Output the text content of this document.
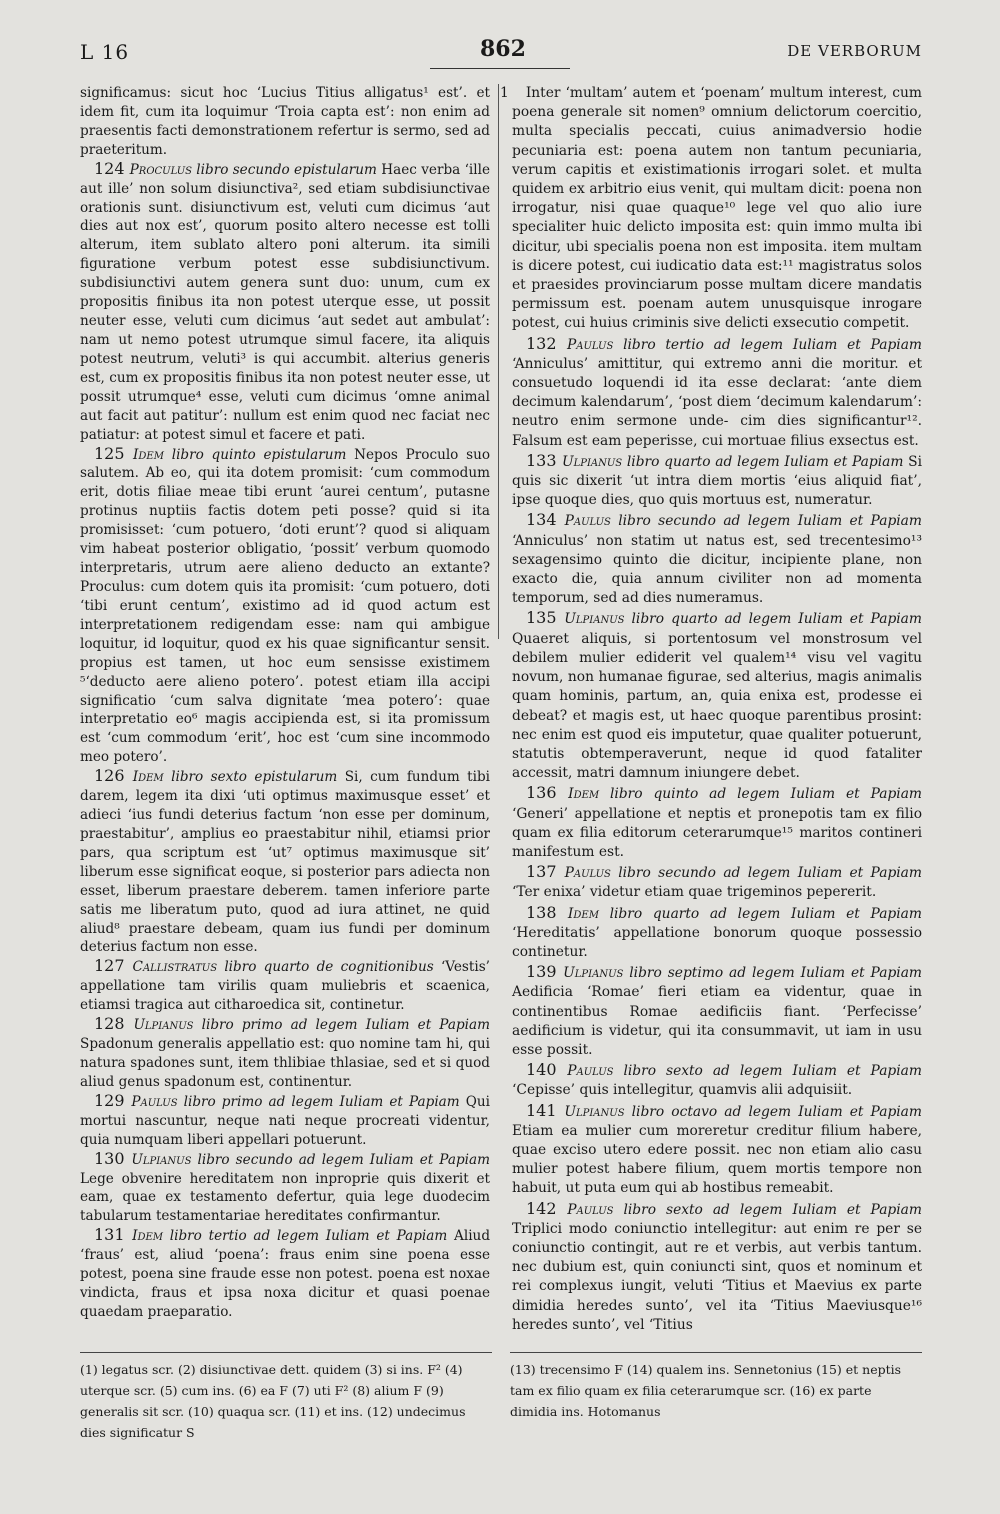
L 16	862	DE VERBORUM

significamus: sicut hoc ‘Lucius Titius alligatus¹ est’. et idem fit, cum ita loquimur ‘Troia capta est’: non enim ad praesentis facti demonstrationem refertur is sermo, sed ad praeteritum.

124 Proculus libro secundo epistularum Haec verba ‘ille aut ille’ non solum disiunctiva², sed etiam subdisiunctivae orationis sunt. disiunctivum est, veluti cum dicimus ‘aut dies aut nox est’, quorum posito altero necesse est tolli alterum, item sublato altero poni alterum. ita simili figuratione verbum potest esse subdisiunctivum. subdisiunctivi autem genera sunt duo: unum, cum ex propositis finibus ita non potest uterque esse, ut possit neuter esse, veluti cum dicimus ‘aut sedet aut ambulat’: nam ut nemo potest utrumque simul facere, ita aliquis potest neutrum, veluti³ is qui accumbit. alterius generis est, cum ex propositis finibus ita non potest neuter esse, ut possit utrumque⁴ esse, veluti cum dicimus ‘omne animal aut facit aut patitur’: nullum est enim quod nec faciat nec patiatur: at potest simul et facere et pati.

125 Idem libro quinto epistularum Nepos Proculo suo salutem. Ab eo, qui ita dotem promisit: ‘cum commodum erit, dotis filiae meae tibi erunt ‘aurei centum’, putasne protinus nuptiis factis dotem peti posse? quid si ita promisisset: ‘cum potuero, ‘doti erunt’? quod si aliquam vim habeat posterior obligatio, ‘possit’ verbum quomodo interpretaris, utrum aere alieno deducto an extante? Proculus: cum dotem quis ita promisit: ‘cum potuero, doti ‘tibi erunt centum’, existimo ad id quod actum est interpretationem redigendam esse: nam qui ambigue loquitur, id loquitur, quod ex his quae significantur sensit. propius est tamen, ut hoc eum sensisse existimem ⁵‘deducto aere alieno potero’. potest etiam illa accipi significatio ‘cum salva dignitate ‘mea potero’: quae interpretatio eo⁶ magis accipienda est, si ita promissum est ‘cum commodum ‘erit’, hoc est ‘cum sine incommodo meo potero’.

126 Idem libro sexto epistularum Si, cum fundum tibi darem, legem ita dixi ‘uti optimus maximusque esset’ et adieci ‘ius fundi deterius factum ‘non esse per dominum, praestabitur’, amplius eo praestabitur nihil, etiamsi prior pars, qua scriptum est ‘ut⁷ optimus maximusque sit’ liberum esse significat eoque, si posterior pars adiecta non esset, liberum praestare deberem. tamen inferiore parte satis me liberatum puto, quod ad iura attinet, ne quid aliud⁸ praestare debeam, quam ius fundi per dominum deterius factum non esse.

127 Callistratus libro quarto de cognitionibus ‘Vestis’ appellatione tam virilis quam muliebris et scaenica, etiamsi tragica aut citharoedica sit, continetur.

128 Ulpianus libro primo ad legem Iuliam et Papiam Spadonum generalis appellatio est: quo nomine tam hi, qui natura spadones sunt, item thlibiae thlasiae, sed et si quod aliud genus spadonum est, continentur.

129 Paulus libro primo ad legem Iuliam et Papiam Qui mortui nascuntur, neque nati neque procreati videntur, quia numquam liberi appellari potuerunt.

130 Ulpianus libro secundo ad legem Iuliam et Papiam Lege obvenire hereditatem non inproprie quis dixerit et eam, quae ex testamento defertur, quia lege duodecim tabularum testamentariae hereditates confirmantur.

131 Idem libro tertio ad legem Iuliam et Papiam Aliud ‘fraus’ est, aliud ‘poena’: fraus enim sine poena esse potest, poena sine fraude esse non potest. poena est noxae vindicta, fraus et ipsa noxa dicitur et quasi poenae quaedam praeparatio.

1 Inter ‘multam’ autem et ‘poenam’ multum interest, cum poena generale sit nomen⁹ omnium delictorum coercitio, multa specialis peccati, cuius animadversio hodie pecuniaria est: poena autem non tantum pecuniaria, verum capitis et existimationis irrogari solet. et multa quidem ex arbitrio eius venit, qui multam dicit: poena non irrogatur, nisi quae quaque¹⁰ lege vel quo alio iure specialiter huic delicto imposita est: quin immo multa ibi dicitur, ubi specialis poena non est imposita. item multam is dicere potest, cui iudicatio data est:¹¹ magistratus solos et praesides provinciarum posse multam dicere mandatis permissum est. poenam autem unusquisque inrogare potest, cui huius criminis sive delicti exsecutio competit.

132 Paulus libro tertio ad legem Iuliam et Papiam ‘Anniculus’ amittitur, qui extremo anni die moritur. et consuetudo loquendi id ita esse declarat: ‘ante diem decimum kalendarum’, ‘post diem ‘decimum kalendarum’: neutro enim sermone unde- cim dies significantur¹². Falsum est eam peperisse, cui mortuae filius exsectus est.

133 Ulpianus libro quarto ad legem Iuliam et Papiam Si quis sic dixerit ‘ut intra diem mortis ‘eius aliquid fiat’, ipse quoque dies, quo quis mortuus est, numeratur.

134 Paulus libro secundo ad legem Iuliam et Papiam ‘Anniculus’ non statim ut natus est, sed trecentesimo¹³ sexagensimo quinto die dicitur, incipiente plane, non exacto die, quia annum civiliter non ad momenta temporum, sed ad dies numeramus.

135 Ulpianus libro quarto ad legem Iuliam et Papiam Quaeret aliquis, si portentosum vel monstrosum vel debilem mulier ediderit vel qualem¹⁴ visu vel vagitu novum, non humanae figurae, sed alterius, magis animalis quam hominis, partum, an, quia enixa est, prodesse ei debeat? et magis est, ut haec quoque parentibus prosint: nec enim est quod eis imputetur, quae qualiter potuerunt, statutis obtemperaverunt, neque id quod fataliter accessit, matri damnum iniungere debet.

136 Idem libro quinto ad legem Iuliam et Papiam ‘Generi’ appellatione et neptis et pronepotis tam ex filio quam ex filia editorum ceterarumque¹⁵ maritos contineri manifestum est.

137 Paulus libro secundo ad legem Iuliam et Papiam ‘Ter enixa’ videtur etiam quae trigeminos pepererit.

138 Idem libro quarto ad legem Iuliam et Papiam ‘Hereditatis’ appellatione bonorum quoque possessio continetur.

139 Ulpianus libro septimo ad legem Iuliam et Papiam Aedificia ‘Romae’ fieri etiam ea videntur, quae in continentibus Romae aedificiis fiant. ‘Perfecisse’ aedificium is videtur, qui ita consummavit, ut iam in usu esse possit.

140 Paulus libro sexto ad legem Iuliam et Papiam ‘Cepisse’ quis intellegitur, quamvis alii adquisiit.

141 Ulpianus libro octavo ad legem Iuliam et Papiam Etiam ea mulier cum moreretur creditur filium habere, quae exciso utero edere possit. nec non etiam alio casu mulier potest habere filium, quem mortis tempore non habuit, ut puta eum qui ab hostibus remeabit.

142 Paulus libro sexto ad legem Iuliam et Papiam Triplici modo coniunctio intellegitur: aut enim re per se coniunctio contingit, aut re et verbis, aut verbis tantum. nec dubium est, quin coniuncti sint, quos et nominum et rei complexus iungit, veluti ‘Titius et Maevius ex parte dimidia heredes sunto’, vel ita ‘Titius Maeviusque¹⁶ heredes sunto’, vel ‘Titius

(1) legatus scr. (2) disiunctivae dett. quidem (3) si ins. F² (4) uterque scr. (5) cum ins. (6) ea F (7) uti F² (8) alium F (9) generalis sit scr. (10) quaqua scr. (11) et ins. (12) undecimus dies significatur S

(13) trecensimo F (14) qualem ins. Sennetonius (15) et neptis tam ex filio quam ex filia ceterarumque scr. (16) ex parte dimidia ins. Hotomanus
